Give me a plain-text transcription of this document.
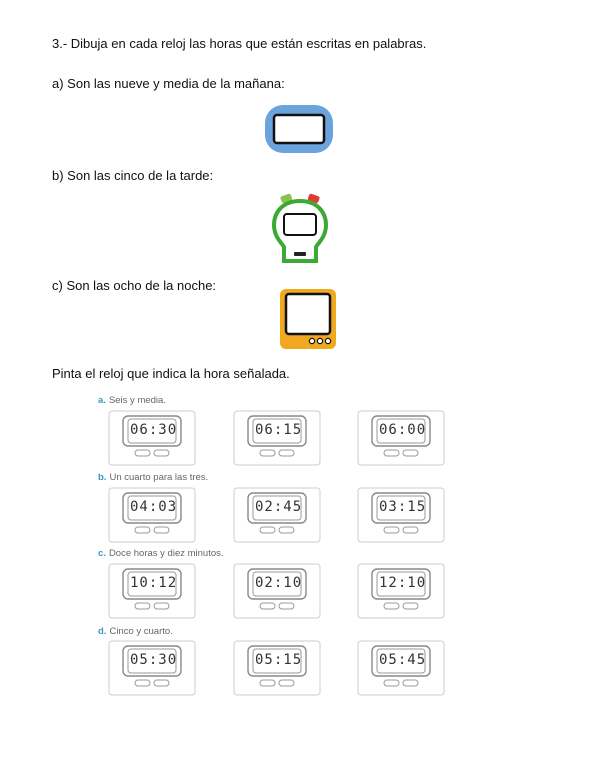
3.- Dibuja en cada reloj las horas que están escritas en palabras.
a) Son las nueve y media de la mañana:
b) Son las cinco de la tarde:
c) Son las ocho de la noche:
Pinta el reloj que indica la hora señalada.
a. Seis y media.
06:30	06:15	06:00
b. Un cuarto para las tres.
04:03	02:45	03:15
c. Doce horas y diez minutos.
10:12	02:10	12:10
d. Cinco y cuarto.
05:30	05:15	05:45
